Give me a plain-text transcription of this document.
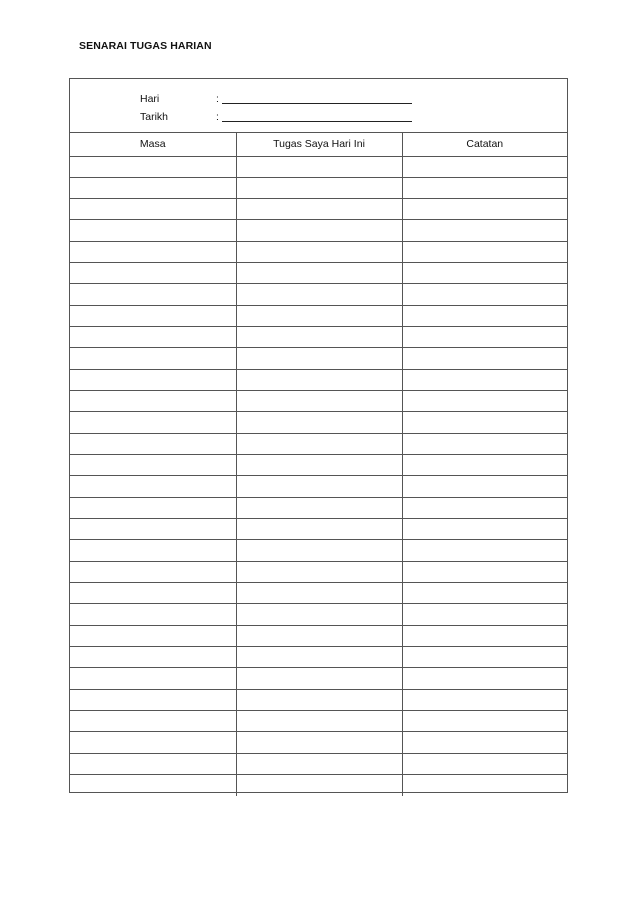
SENARAI TUGAS HARIAN
Hari	:
Tarikh	:
Masa	Tugas Saya Hari Ini	Catatan
